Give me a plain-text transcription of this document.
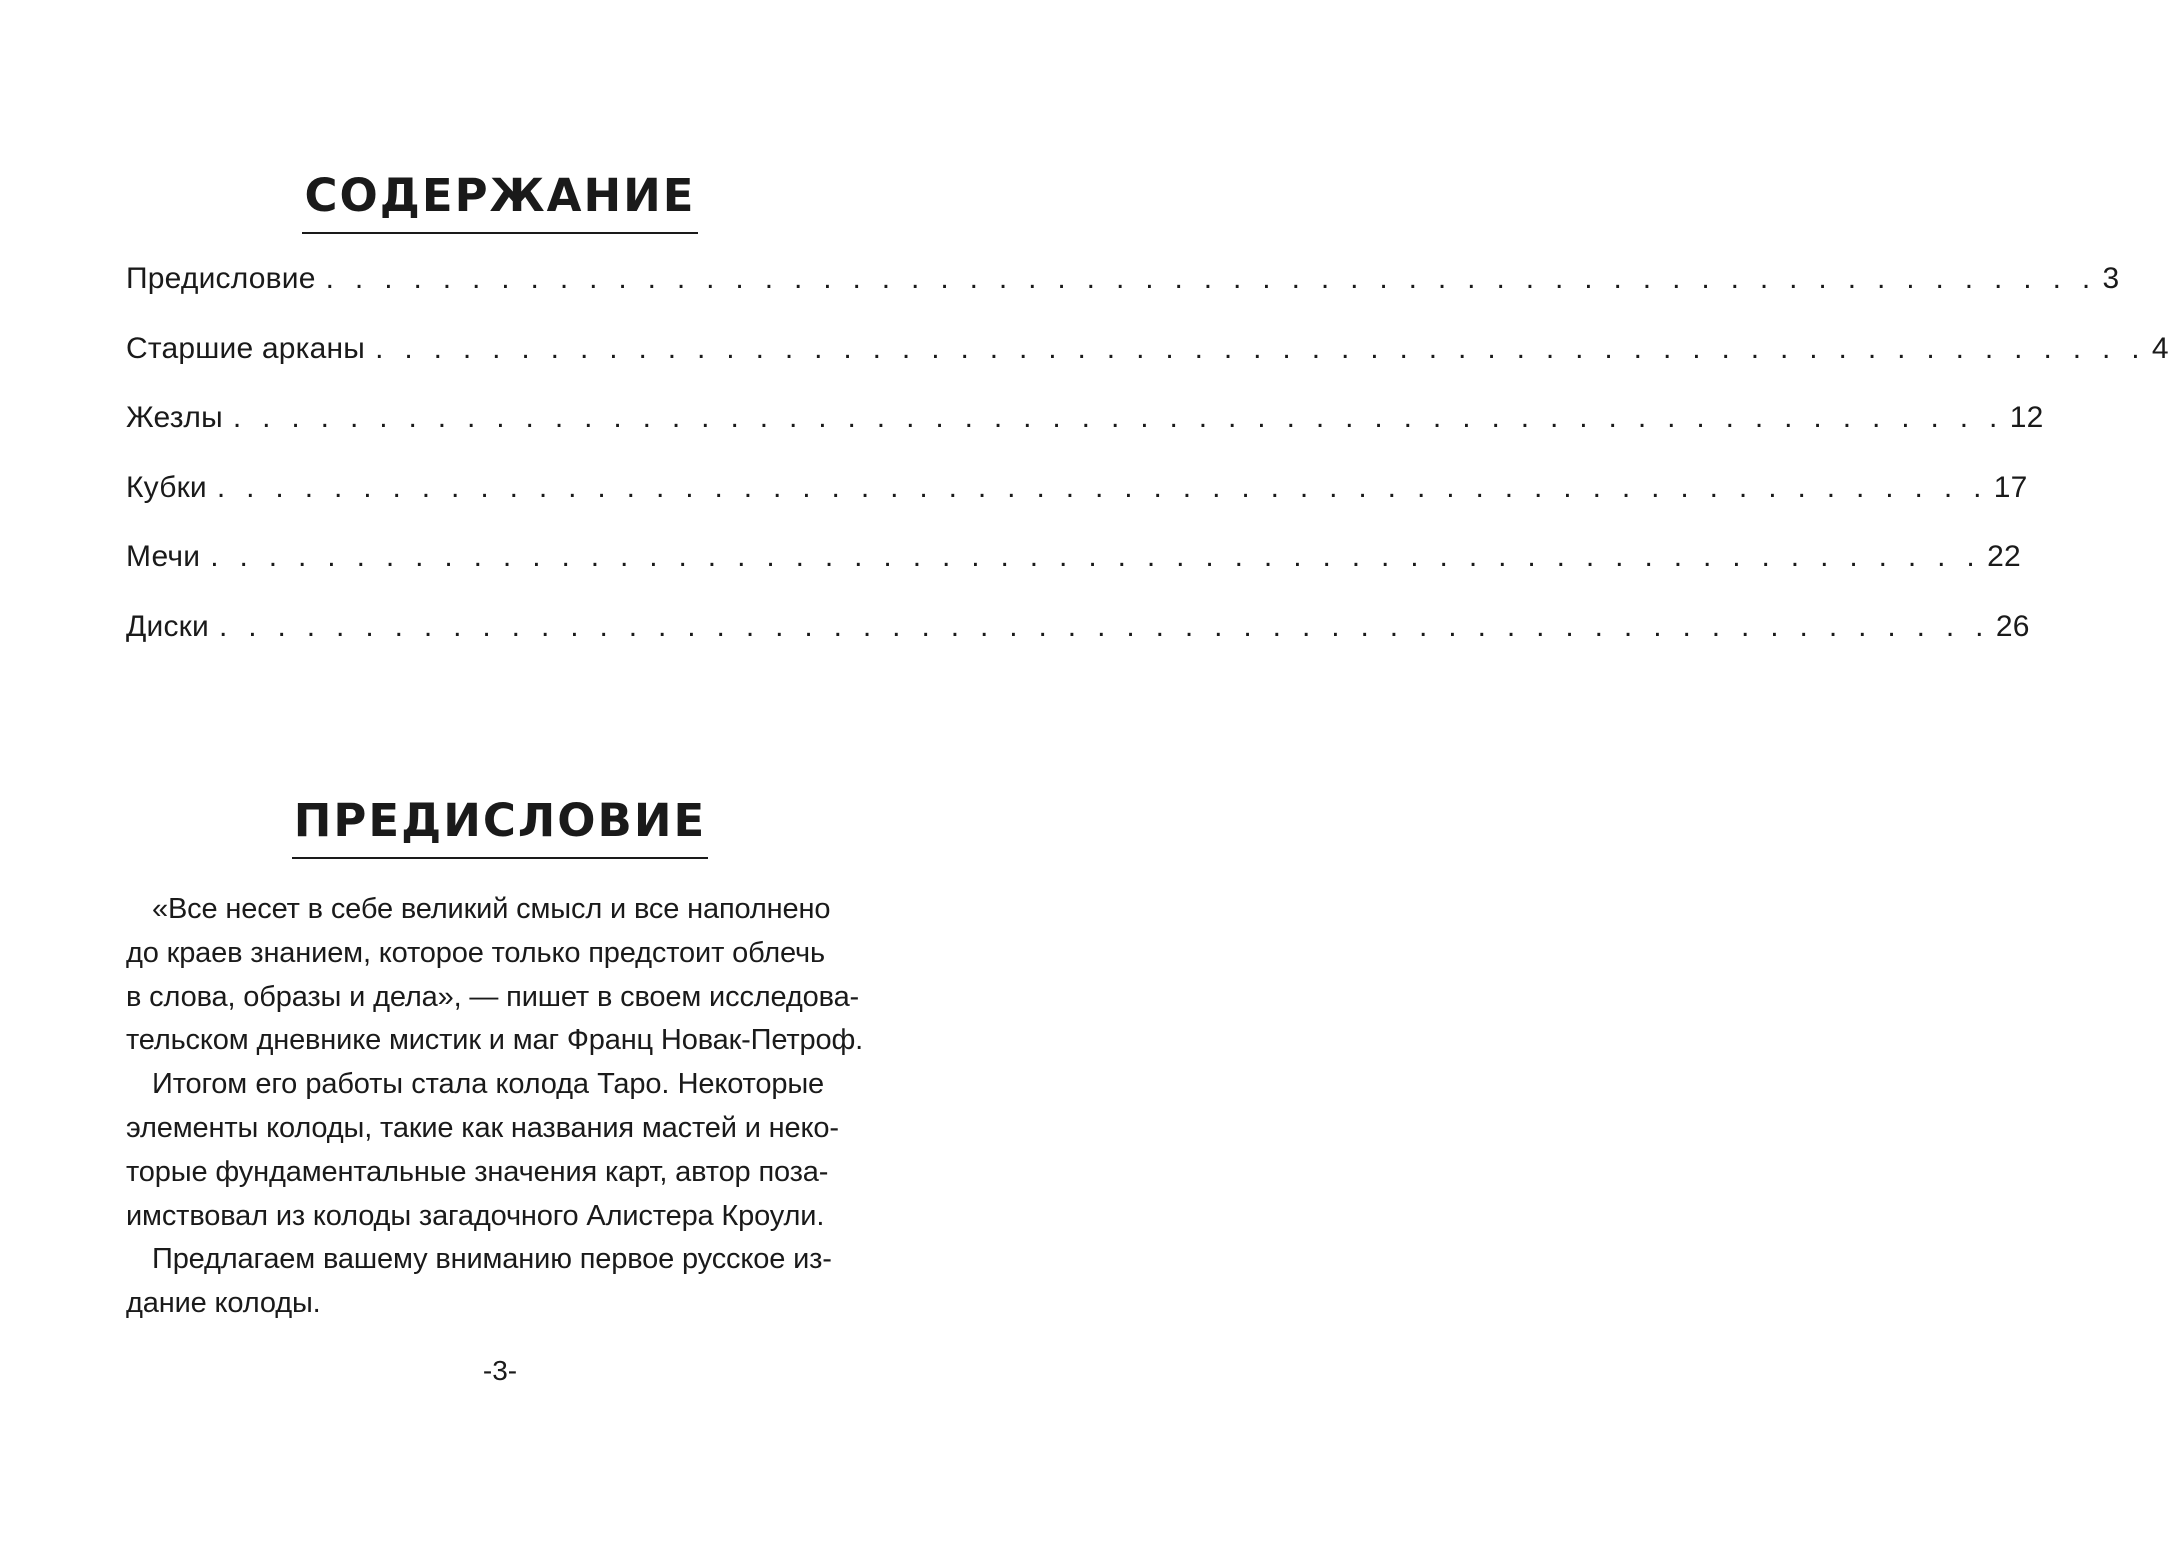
СОДЕРЖАНИЕ
Предисловие . . . . . . . . . . . . . . . . . . . . . . . . . . . . . . . . . . . . . . . . . . . . . . . . . . . . . . . . . . . . . 3
Старшие арканы . . . . . . . . . . . . . . . . . . . . . . . . . . . . . . . . . . . . . . . . . . . . . . . . . . . . . . . . . . . . . 4
Жезлы . . . . . . . . . . . . . . . . . . . . . . . . . . . . . . . . . . . . . . . . . . . . . . . . . . . . . . . . . . . . . 12
Кубки . . . . . . . . . . . . . . . . . . . . . . . . . . . . . . . . . . . . . . . . . . . . . . . . . . . . . . . . . . . . . 17
Мечи . . . . . . . . . . . . . . . . . . . . . . . . . . . . . . . . . . . . . . . . . . . . . . . . . . . . . . . . . . . . . 22
Диски . . . . . . . . . . . . . . . . . . . . . . . . . . . . . . . . . . . . . . . . . . . . . . . . . . . . . . . . . . . . . 26
ПРЕДИСЛОВИЕ

«Все несет в себе великий смысл и все наполнено
до краев знанием, которое только предстоит облечь
в слова, образы и дела», — пишет в своем исследова-
тельском дневнике мистик и маг Франц Новак-Петроф.

Итогом его работы стала колода Таро. Некоторые
элементы колоды, такие как названия мастей и неко-
торые фундаментальные значения карт, автор поза-
имствовал из колоды загадочного Алистера Кроули.

Предлагаем вашему вниманию первое русское из-
дание колоды.

-3-
